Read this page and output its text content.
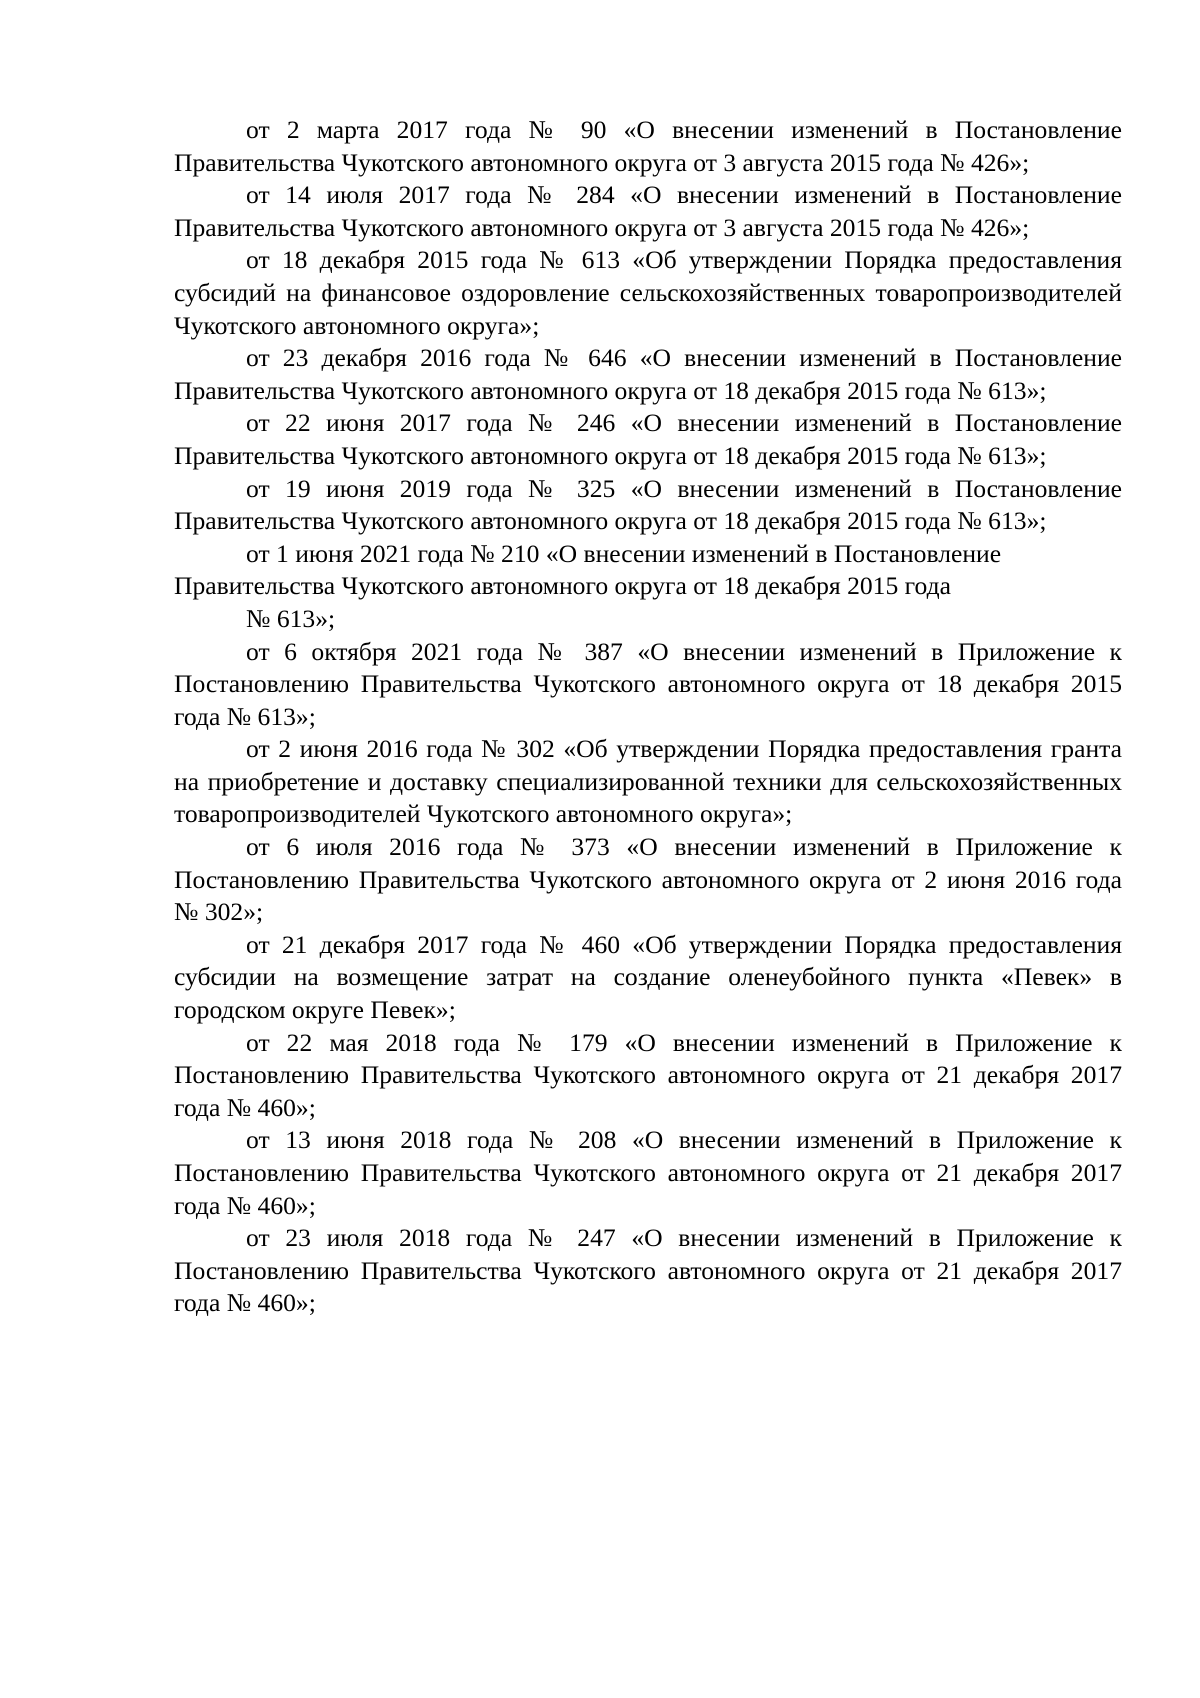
от 2 марта 2017 года № 90 «О внесении изменений в Постановление Правительства Чукотского автономного округа от 3 августа 2015 года № 426»;

от 14 июля 2017 года № 284 «О внесении изменений в Постановление Правительства Чукотского автономного округа от 3 августа 2015 года № 426»;

от 18 декабря 2015 года № 613 «Об утверждении Порядка предоставления субсидий на финансовое оздоровление сельскохозяйственных товаропроизводителей Чукотского автономного округа»;

от 23 декабря 2016 года № 646 «О внесении изменений в Постановление Правительства Чукотского автономного округа от 18 декабря 2015 года № 613»;

от 22 июня 2017 года № 246 «О внесении изменений в Постановление Правительства Чукотского автономного округа от 18 декабря 2015 года № 613»;

от 19 июня 2019 года № 325 «О внесении изменений в Постановление Правительства Чукотского автономного округа от 18 декабря 2015 года № 613»;

от 1 июня 2021 года № 210 «О внесении изменений в Постановление Правительства Чукотского автономного округа от 18 декабря 2015 года

№ 613»;

от 6 октября 2021 года № 387 «О внесении изменений в Приложение к Постановлению Правительства Чукотского автономного округа от 18 декабря 2015 года № 613»;

от 2 июня 2016 года № 302 «Об утверждении Порядка предоставления гранта на приобретение и доставку специализированной техники для сельскохозяйственных товаропроизводителей Чукотского автономного округа»;

от 6 июля 2016 года № 373 «О внесении изменений в Приложение к Постановлению Правительства Чукотского автономного округа от 2 июня 2016 года № 302»;

от 21 декабря 2017 года № 460 «Об утверждении Порядка предоставления субсидии на возмещение затрат на создание оленеубойного пункта «Певек» в городском округе Певек»;

от 22 мая 2018 года № 179 «О внесении изменений в Приложение к Постановлению Правительства Чукотского автономного округа от 21 декабря 2017 года № 460»;

от 13 июня 2018 года № 208 «О внесении изменений в Приложение к Постановлению Правительства Чукотского автономного округа от 21 декабря 2017 года № 460»;

от 23 июля 2018 года № 247 «О внесении изменений в Приложение к Постановлению Правительства Чукотского автономного округа от 21 декабря 2017 года № 460»;
